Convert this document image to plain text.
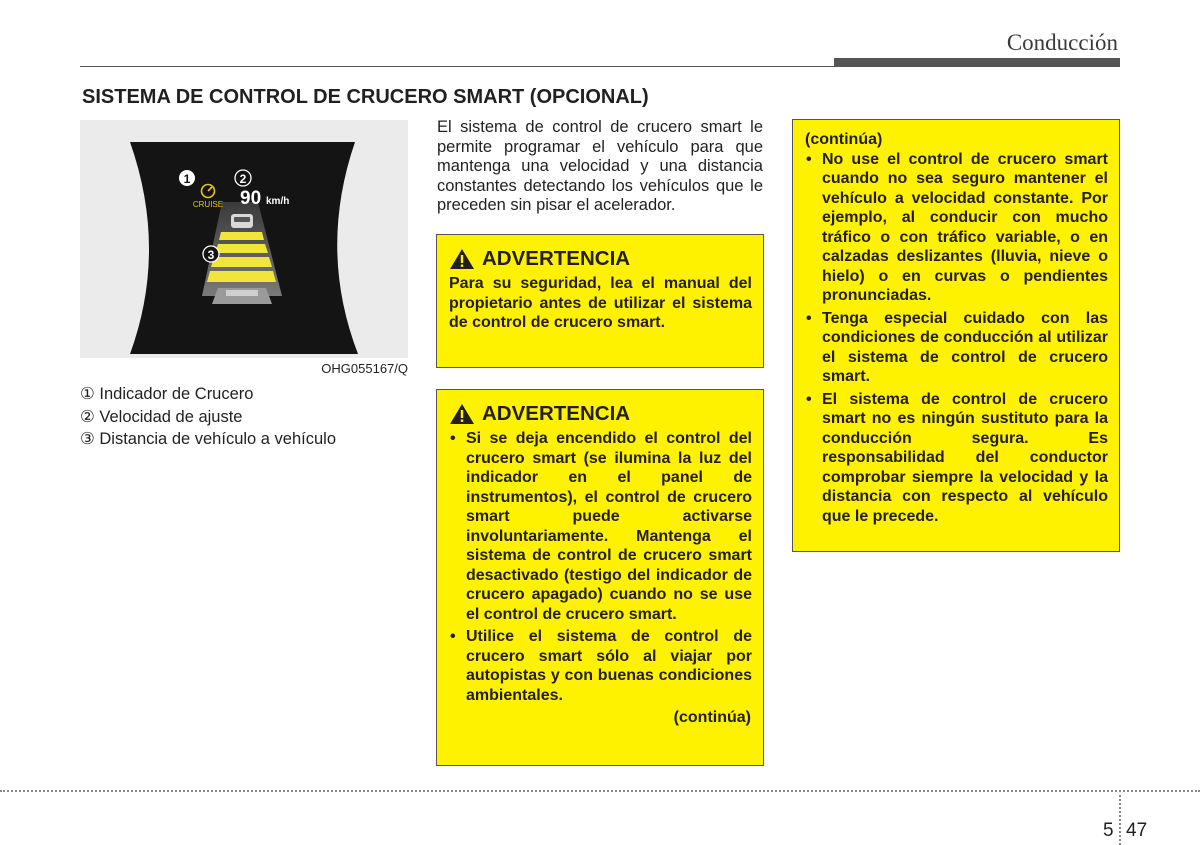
Conducción
SISTEMA DE CONTROL DE CRUCERO SMART (OPCIONAL)
CRUISE 90 km/h
1	2
3
OHG055167/Q
① Indicador de Crucero
② Velocidad de ajuste
③ Distancia de vehículo a vehículo

El sistema de control de crucero smart le permite programar el vehículo para que mantenga una velocidad y una distancia constantes detectando los vehículos que le preceden sin pisar el acelerador.

ADVERTENCIA

Para su seguridad, lea el manual del propietario antes de utilizar el sistema de control de crucero smart.

ADVERTENCIA
• Si se deja encendido el control del crucero smart (se ilumina la luz del indicador en el panel de instrumentos), el control de crucero smart puede activarse involuntariamente. Mantenga el sistema de control de crucero smart desactivado (testigo del indicador de crucero apagado) cuando no se use el control de crucero smart.
• Utilice el sistema de control de crucero smart sólo al viajar por autopistas y con buenas condiciones ambientales.

(continúa)

(continúa)

• No use el control de crucero smart cuando no sea seguro mantener el vehículo a velocidad constante. Por ejemplo, al conducir con mucho tráfico o con tráfico variable, o en calzadas deslizantes (lluvia, nieve o hielo) o en curvas o pendientes pronunciadas.
• Tenga especial cuidado con las condiciones de conducción al utilizar el sistema de control de crucero smart.
• El sistema de control de crucero smart no es ningún sustituto para la conducción segura. Es responsabilidad del conductor comprobar siempre la velocidad y la distancia con respecto al vehículo que le precede.
5 47
